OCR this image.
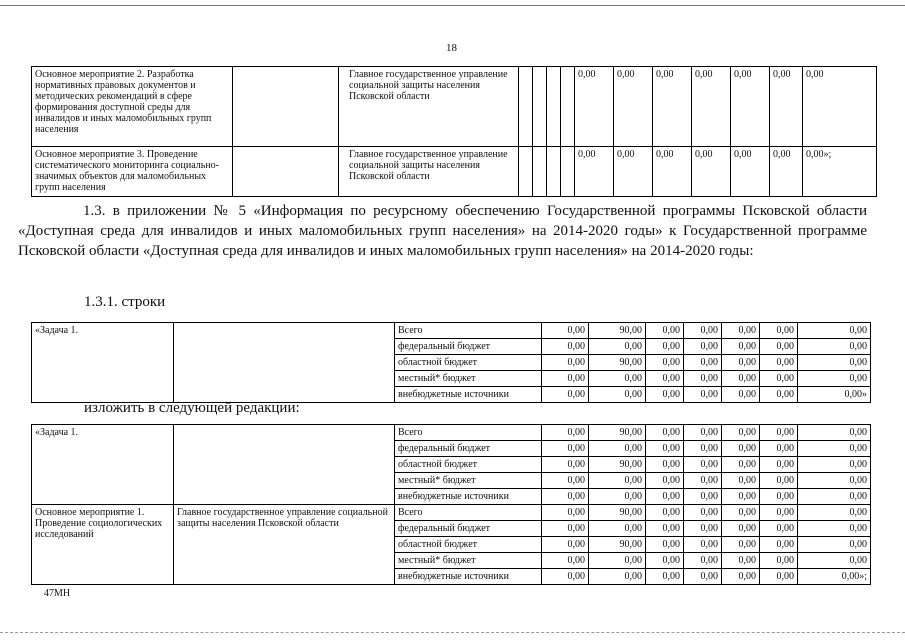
18
Основное мероприятие 2. Разработка нормативных правовых документов и методических рекомендаций в сфере формирования доступной среды для инвалидов и иных маломобильных групп населения		Главное государственное управление социальной защиты населения Псковской области					0,00	0,00	0,00	0,00	0,00	0,00	0,00
Основное мероприятие 3. Проведение систематического мониторинга социально-значимых объектов для маломобильных групп населения		Главное государственное управление социальной защиты населения Псковской области					0,00	0,00	0,00	0,00	0,00	0,00	0,00»;
1.3. в приложении № 5 «Информация по ресурсному обеспечению Государственной программы Псковской области «Доступная среда для инвалидов и иных маломобильных групп населения» на 2014-2020 годы» к Государственной программе Псковской области «Доступная среда для инвалидов и иных маломобильных групп населения» на 2014-2020 годы:
1.3.1. строки
«Задача 1.		Всего	0,00	90,00	0,00	0,00	0,00	0,00	0,00
		федеральный бюджет	0,00	0,00	0,00	0,00	0,00	0,00	0,00
		областной бюджет	0,00	90,00	0,00	0,00	0,00	0,00	0,00
		местный* бюджет	0,00	0,00	0,00	0,00	0,00	0,00	0,00
		внебюджетные источники	0,00	0,00	0,00	0,00	0,00	0,00	0,00»
изложить в следующей редакции:
«Задача 1.		Всего	0,00	90,00	0,00	0,00	0,00	0,00	0,00
		федеральный бюджет	0,00	0,00	0,00	0,00	0,00	0,00	0,00
		областной бюджет	0,00	90,00	0,00	0,00	0,00	0,00	0,00
		местный* бюджет	0,00	0,00	0,00	0,00	0,00	0,00	0,00
		внебюджетные источники	0,00	0,00	0,00	0,00	0,00	0,00	0,00
Основное мероприятие 1. Проведение социологических исследований	Главное государственное управление социальной защиты населения Псковской области	Всего	0,00	90,00	0,00	0,00	0,00	0,00	0,00
		федеральный бюджет	0,00	0,00	0,00	0,00	0,00	0,00	0,00
		областной бюджет	0,00	90,00	0,00	0,00	0,00	0,00	0,00
		местный* бюджет	0,00	0,00	0,00	0,00	0,00	0,00	0,00
		внебюджетные источники	0,00	0,00	0,00	0,00	0,00	0,00	0,00»;
47МН
